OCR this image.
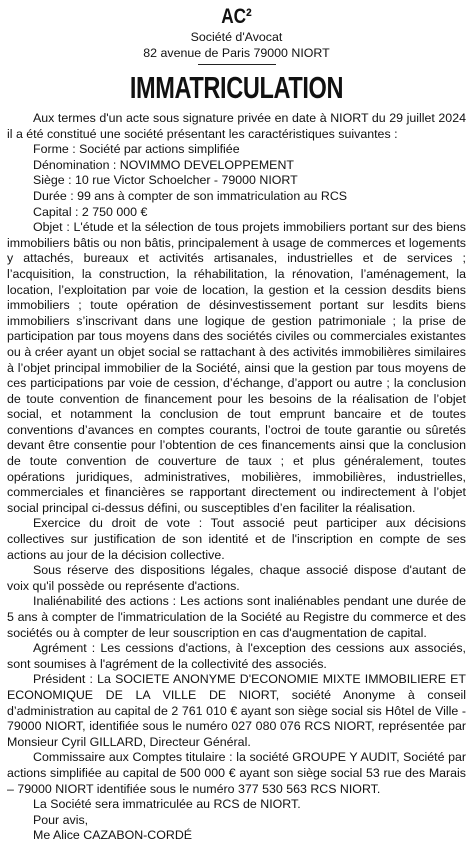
AC²
Société d'Avocat
82 avenue de Paris 79000 NIORT
IMMATRICULATION

Aux termes d'un acte sous signature privée en date à NIORT du 29 juillet 2024 il a été constitué une société présentant les caractéristiques suivantes :

Forme : Société par actions simplifiée

Dénomination : NOVIMMO DEVELOPPEMENT

Siège : 10 rue Victor Schoelcher - 79000 NIORT

Durée : 99 ans à compter de son immatriculation au RCS

Capital : 2 750 000 €

Objet : L'étude et la sélection de tous projets immobiliers portant sur des biens immobiliers bâtis ou non bâtis, principalement à usage de commerces et logements y attachés, bureaux et activités artisanales, industrielles et de services ; l’acquisition, la construction, la réhabilitation, la rénovation, l’aménagement, la location, l’exploitation par voie de location, la gestion et la cession desdits biens immobiliers ; toute opération de désinvestissement portant sur lesdits biens immobiliers s’inscrivant dans une logique de gestion patrimoniale ; la prise de participation par tous moyens dans des sociétés civiles ou commerciales existantes ou à créer ayant un objet social se rattachant à des activités immobilières similaires à l’objet principal immobilier de la Société, ainsi que la gestion par tous moyens de ces participations par voie de cession, d’échange, d’apport ou autre ; la conclusion de toute convention de financement pour les besoins de la réalisation de l’objet social, et notamment la conclusion de tout emprunt bancaire et de toutes conventions d’avances en comptes courants, l’octroi de toute garantie ou sûretés devant être consentie pour l’obtention de ces financements ainsi que la conclusion de toute convention de couverture de taux ; et plus généralement, toutes opérations juridiques, administratives, mobilières, immobilières, industrielles, commerciales et financières se rapportant directement ou indirectement à l’objet social principal ci-dessus défini, ou susceptibles d’en faciliter la réalisation.

Exercice du droit de vote : Tout associé peut participer aux décisions collectives sur justification de son identité et de l'inscription en compte de ses actions au jour de la décision collective.

Sous réserve des dispositions légales, chaque associé dispose d'autant de voix qu'il possède ou représente d'actions.

Inaliénabilité des actions : Les actions sont inaliénables pendant une durée de 5 ans à compter de l'immatriculation de la Société au Registre du commerce et des sociétés ou à compter de leur souscription en cas d'augmentation de capital.

Agrément : Les cessions d'actions, à l'exception des cessions aux associés, sont soumises à l'agrément de la collectivité des associés.

Président : La SOCIETE ANONYME D'ECONOMIE MIXTE IMMOBILIERE ET ECONOMIQUE DE LA VILLE DE NIORT, société Anonyme à conseil d’administration au capital de 2 761 010 € ayant son siège social sis Hôtel de Ville - 79000 NIORT, identifiée sous le numéro 027 080 076 RCS NIORT, représentée par Monsieur Cyril GILLARD, Directeur Général.

Commissaire aux Comptes titulaire : la société GROUPE Y AUDIT, Société par actions simplifiée au capital de 500 000 € ayant son siège social 53 rue des Marais – 79000 NIORT identifiée sous le numéro 377 530 563 RCS NIORT.

La Société sera immatriculée au RCS de NIORT.

Pour avis,

Me Alice CAZABON-CORDÉ
